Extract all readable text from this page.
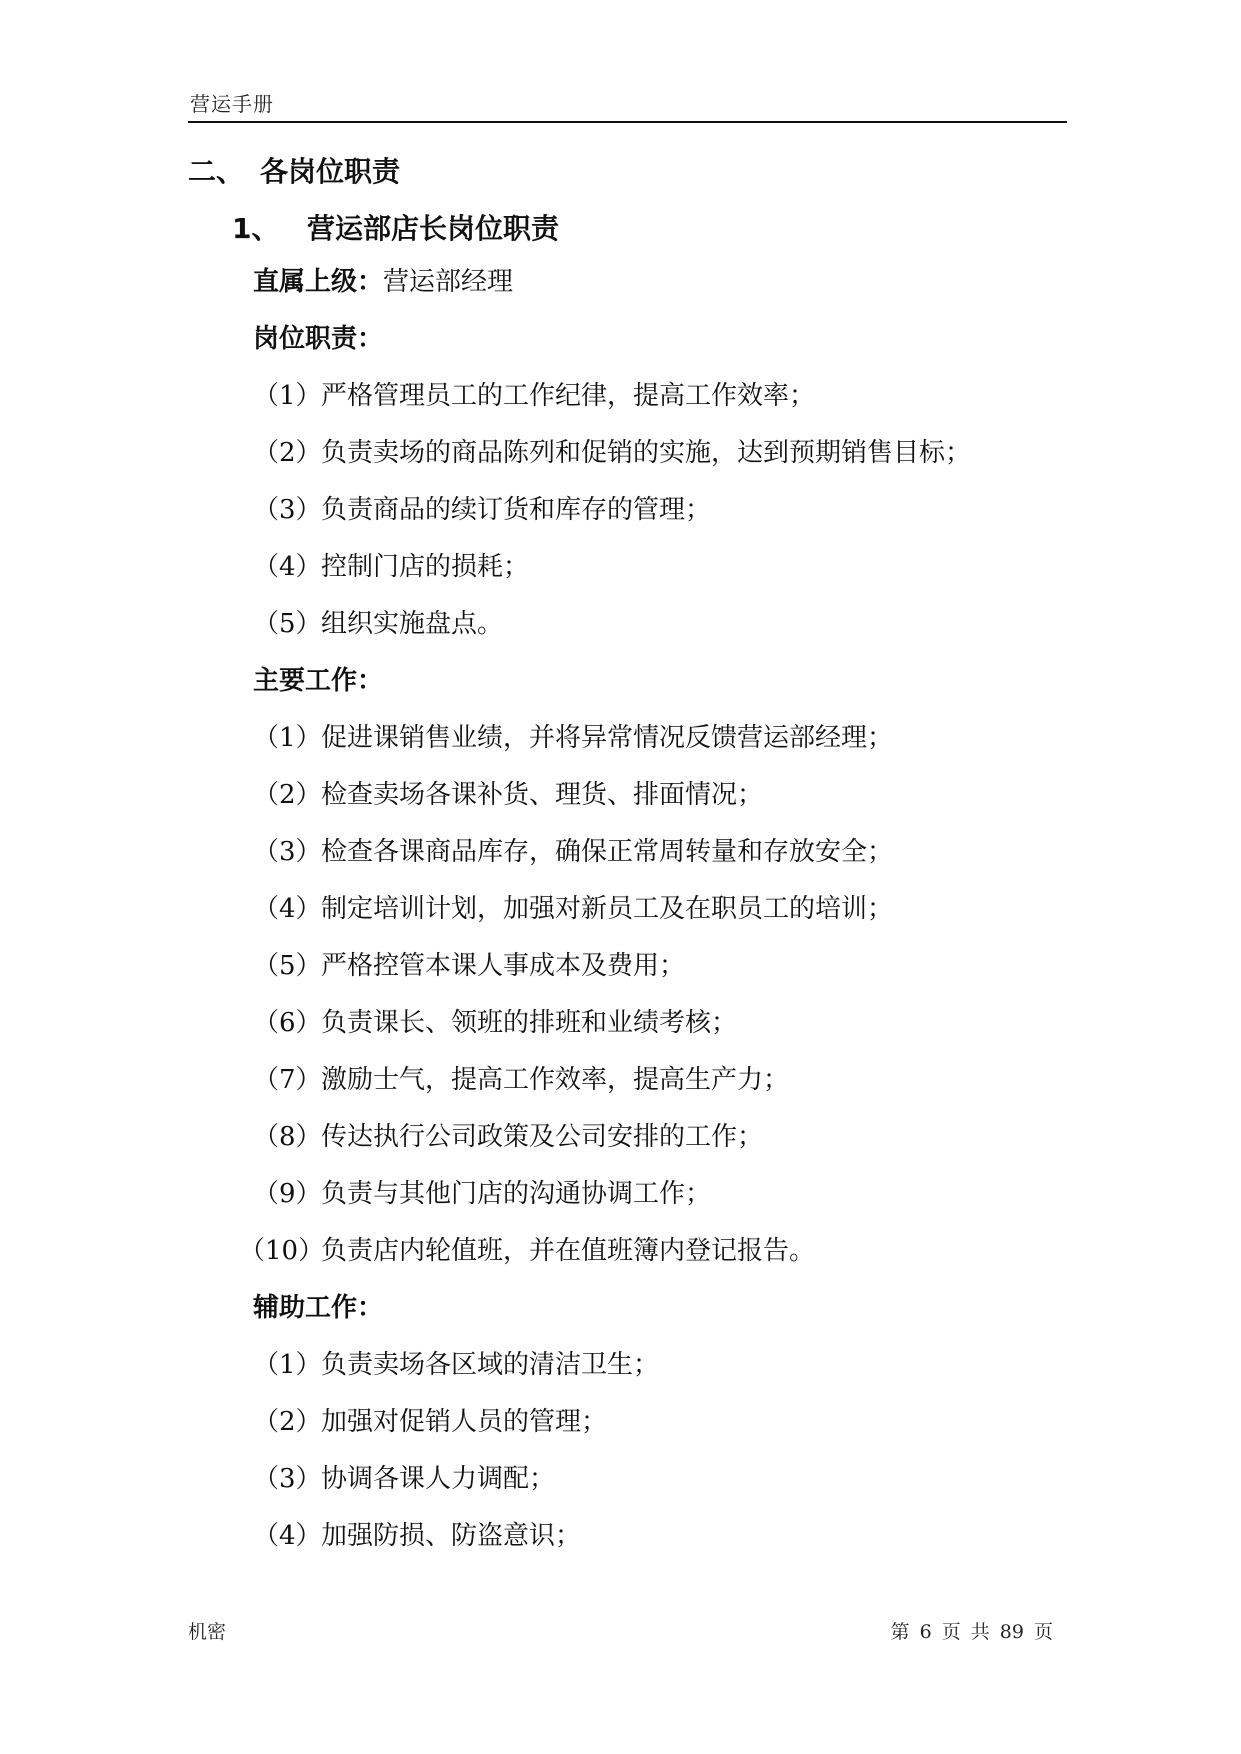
营运手册
二、 各岗位职责
1、 营运部店长岗位职责
直属上级：营运部经理
岗位职责：
（1）严格管理员工的工作纪律，提高工作效率；
（2）负责卖场的商品陈列和促销的实施，达到预期销售目标；
（3）负责商品的续订货和库存的管理；
（4）控制门店的损耗；
（5）组织实施盘点。
主要工作：
（1）促进课销售业绩，并将异常情况反馈营运部经理；
（2）检查卖场各课补货、理货、排面情况；
（3）检查各课商品库存，确保正常周转量和存放安全；
（4）制定培训计划，加强对新员工及在职员工的培训；
（5）严格控管本课人事成本及费用；
（6）负责课长、领班的排班和业绩考核；
（7）激励士气，提高工作效率，提高生产力；
（8）传达执行公司政策及公司安排的工作；
（9）负责与其他门店的沟通协调工作；
（10）负责店内轮值班，并在值班簿内登记报告。
辅助工作：
（1）负责卖场各区域的清洁卫生；
（2）加强对促销人员的管理；
（3）协调各课人力调配；
（4）加强防损、防盗意识；
机密	第 6 页 共 89 页
